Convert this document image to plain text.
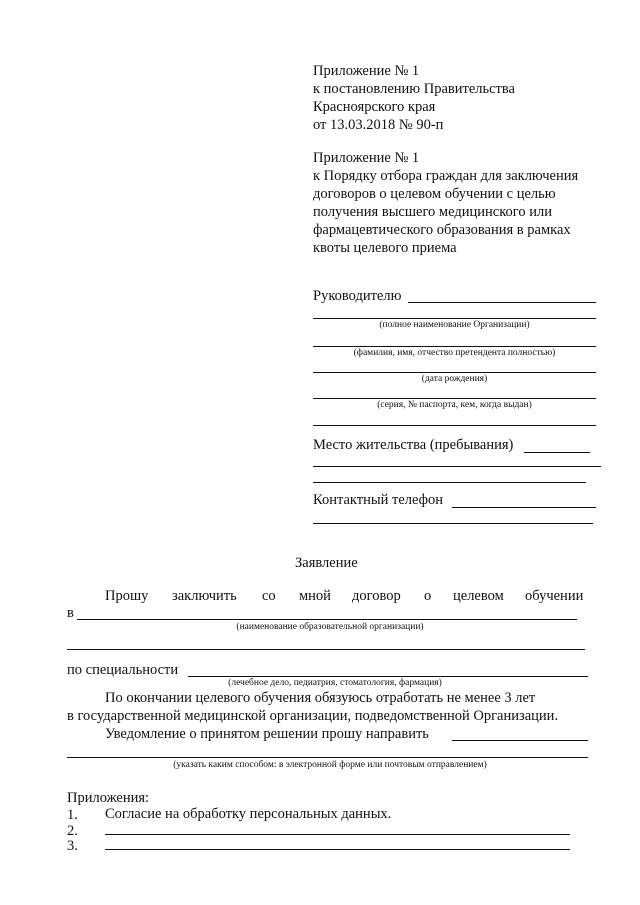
Приложение № 1
к постановлению Правительства
Красноярского края
от 13.03.2018 № 90-п
Приложение № 1
к Порядку отбора граждан для заключения
договоров о целевом обучении с целью
получения высшего медицинского или
фармацевтического образования в рамках
квоты целевого приема
Руководителю
(полное наименование Организации)
(фамилия, имя, отчество претендента полностью)
(дата рождения)
(серия, № паспорта, кем, когда выдан)
Место жительства (пребывания)
Контактный телефон
Заявление
Прошу заключить со мной договор о целевом обучении
в
(наименование образовательной организации)
по специальности
(лечебное дело, педиатрия, стоматология, фармация)
По окончании целевого обучения обязуюсь отработать не менее 3 лет
в государственной медицинской организации, подведомственной Организации.
Уведомление о принятом решении прошу направить
(указать каким способом: в электронной форме или почтовым отправлением)
Приложения:
1. Согласие на обработку персональных данных.
2.
3.
